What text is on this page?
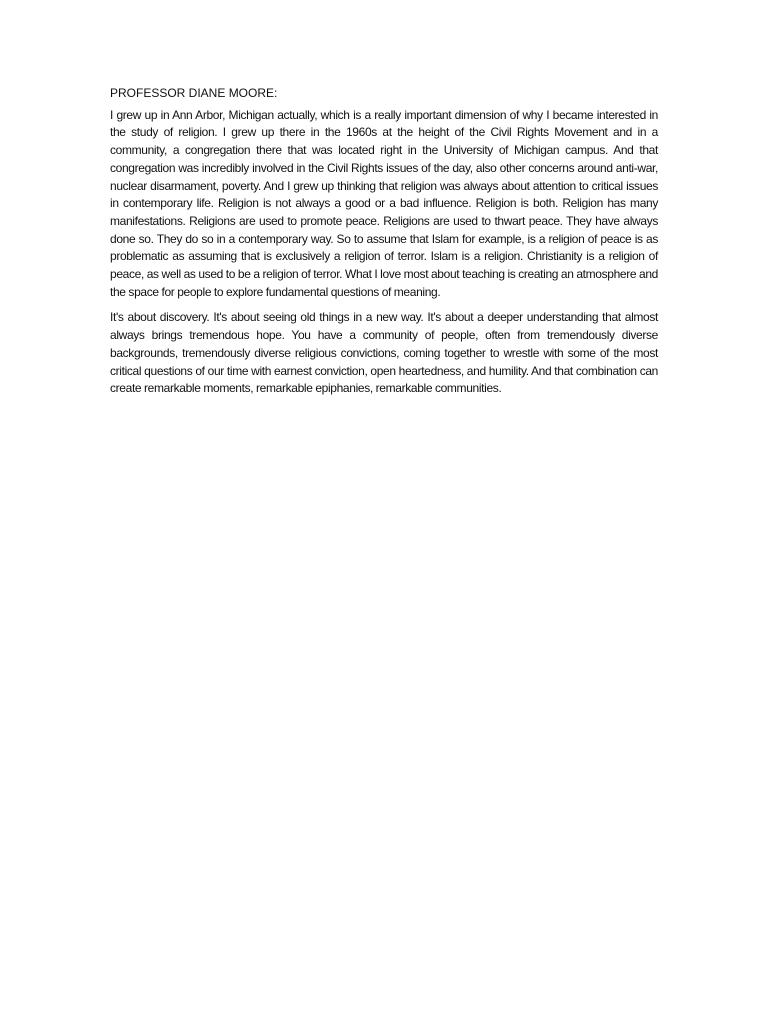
PROFESSOR DIANE MOORE:

I grew up in Ann Arbor, Michigan actually, which is a really important dimension of why I became interested in the study of religion. I grew up there in the 1960s at the height of the Civil Rights Movement and in a community, a congregation there that was located right in the University of Michigan campus. And that congregation was incredibly involved in the Civil Rights issues of the day, also other concerns around anti-war, nuclear disarmament, poverty. And I grew up thinking that religion was always about attention to critical issues in contemporary life. Religion is not always a good or a bad influence. Religion is both. Religion has many manifestations. Religions are used to promote peace. Religions are used to thwart peace. They have always done so. They do so in a contemporary way. So to assume that Islam for example, is a religion of peace is as problematic as assuming that is exclusively a religion of terror. Islam is a religion. Christianity is a religion of peace, as well as used to be a religion of terror. What I love most about teaching is creating an atmosphere and the space for people to explore fundamental questions of meaning.

It's about discovery. It's about seeing old things in a new way. It's about a deeper understanding that almost always brings tremendous hope. You have a community of people, often from tremendously diverse backgrounds, tremendously diverse religious convictions, coming together to wrestle with some of the most critical questions of our time with earnest conviction, open heartedness, and humility. And that combination can create remarkable moments, remarkable epiphanies, remarkable communities.
